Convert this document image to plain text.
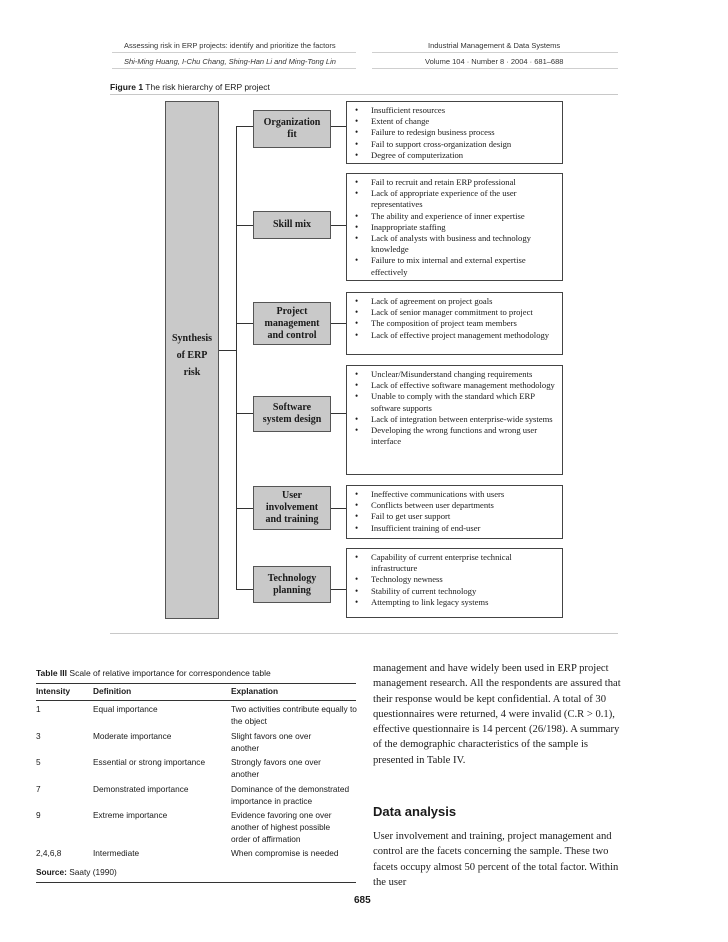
Assessing risk in ERP projects: identify and prioritize the factors
Shi-Ming Huang, I-Chu Chang, Shing-Han Li and Ming-Tong Lin
Industrial Management & Data Systems
Volume 104 · Number 8 · 2004 · 681–688
Figure 1 The risk hierarchy of ERP project
Synthesis
of ERP
risk
Organization
fit
• Insufficient resources
• Extent of change
• Failure to redesign business process
• Fail to support cross-organization design
• Degree of computerization
Skill mix
• Fail to recruit and retain ERP professional
• Lack of appropriate experience of the user representatives
• The ability and experience of inner expertise
• Inappropriate staffing
• Lack of analysts with business and technology knowledge
• Failure to mix internal and external expertise effectively
Project
management
and control
• Lack of agreement on project goals
• Lack of senior manager commitment to project
• The composition of project team members
• Lack of effective project management methodology
Software
system design
• Unclear/Misunderstand changing requirements
• Lack of effective software management methodology
• Unable to comply with the standard which ERP software supports
• Lack of integration between enterprise-wide systems
• Developing the wrong functions and wrong user interface
User
involvement
and training
• Ineffective communications with users
• Conflicts between user departments
• Fail to get user support
• Insufficient training of end-user
Technology
planning
• Capability of current enterprise technical infrastructure
• Technology newness
• Stability of current technology
• Attempting to link legacy systems
Table III Scale of relative importance for correspondence table
Intensity	Definition	Explanation
1	Equal importance	Two activities contribute equally to the object
3	Moderate importance	Slight favors one over another
5	Essential or strong importance	Strongly favors one over another
7	Demonstrated importance	Dominance of the demonstrated importance in practice
9	Extreme importance	Evidence favoring one over another of highest possible order of affirmation
2,4,6,8	Intermediate	When compromise is needed
Source: Saaty (1990)
management and have widely been used in ERP project management research. All the respondents are assured that their response would be kept confidential. A total of 30 questionnaires were returned, 4 were invalid (C.R > 0.1), effective questionnaire is 14 percent (26/198). A summary of the demographic characteristics of the sample is presented in Table IV.
Data analysis
User involvement and training, project management and control are the facets concerning the sample. These two facets occupy almost 50 percent of the total factor. Within the user
685
